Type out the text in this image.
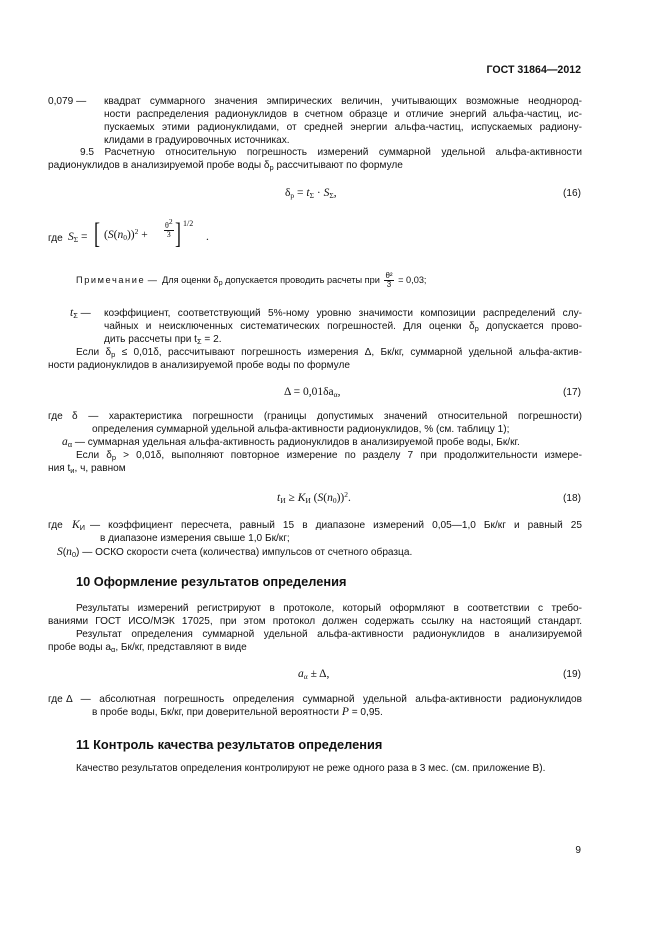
ГОСТ 31864—2012
0,079 — квадрат суммарного значения эмпирических величин, учитывающих возможные неоднород-
ности распределения радионуклидов в счетном образце и отличие энергий альфа-частиц, ис-
пускаемых этими радионуклидами, от средней энергии альфа-частиц, испускаемых радиону-
клидами в градуировочных источниках.
9.5 Расчетную относительную погрешность измерений суммарной удельной альфа-активности
радионуклидов в анализируемой пробе воды $\delta_р$ рассчитывают по формуле
$\delta_р = t_\Sigma \cdot S_\Sigma$,	(16)
где $S_\Sigma$ = [ $(S(n_0))^2 + \frac{\theta^2}{3}$ ] 1/2
.
Примечание — Для оценки $\delta_р$ допускается проводить расчеты при $\frac{\text{θ²}}{3} = 0,03$;
$t_\Sigma$ — коэффициент, соответствующий 5%-ному уровню значимости композиции распределений слу-
чайных и неисключенных систематических погрешностей. Для оценки $\delta_р$ допускается прово-
дить рассчеты при $t_\Sigma = 2$.
Если $\delta_р \le 0,01\delta$, рассчитывают погрешность измерения Δ, Бк/кг, суммарной удельной альфа-актив-
ности радионуклидов в анализируемой пробе воды по формуле
$\Delta = 0,01\delta a_\alpha$,	(17)
где δ — характеристика погрешности (границы допустимых значений относительной погрешности)
определения суммарной удельной альфа-активности радионуклидов, % (см. таблицу 1);
$a_\alpha$ — суммарная удельная альфа-активность радионуклидов в анализируемой пробе воды, Бк/кг.
Если $\delta_р > 0,01\delta$, выполняют повторное измерение по разделу 7 при продолжительности измере-
ния $t_и$, ч, равном
$t_И \ge K_И$ $(S(n_0))^2$.	(18)
где $K_И$ — коэффициент пересчета, равный 15 в диапазоне измерений 0,05—1,0 Бк/кг и равный 25
в диапазоне измерения свыше 1,0 Бк/кг;
$S(n_0)$ — ОСКО скорости счета (количества) импульсов от счетного образца.
10 Оформление результатов определения
Результаты измерений регистрируют в протоколе, который оформляют в соответствии с требо-
ваниями ГОСТ ИСО/МЭК 17025, при этом протокол должен содержать ссылку на настоящий стандарт.
Результат определения суммарной удельной альфа-активности радионуклидов в анализируемой
пробе воды $a_\alpha$, Бк/кг, представляют в виде
$a_\alpha \pm \Delta$,	(19)
где Δ — абсолютная погрешность определения суммарной удельной альфа-активности радионуклидов
в пробе воды, Бк/кг, при доверительной вероятности P = 0,95.
11 Контроль качества результатов определения
Качество результатов определения контролируют не реже одного раза в 3 мес. (см. приложение В).
9
